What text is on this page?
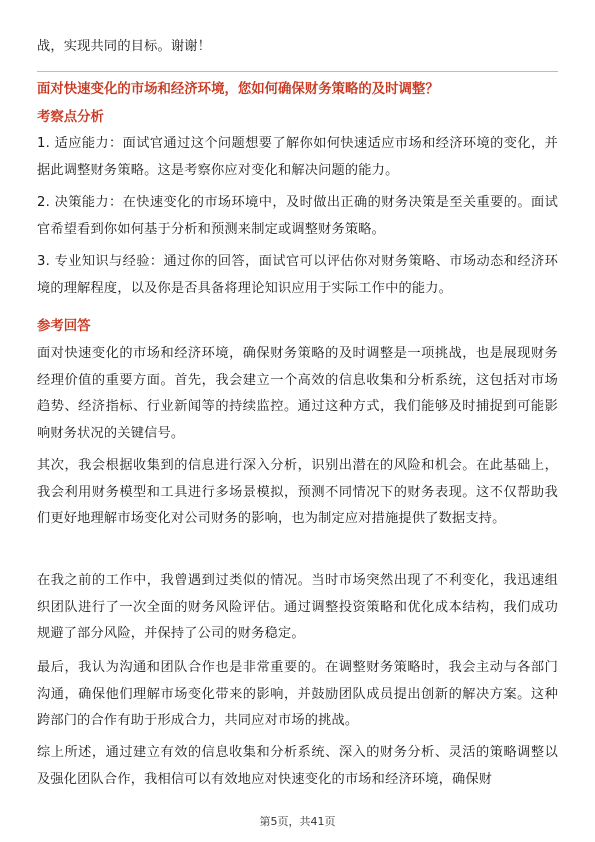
战，实现共同的目标。谢谢！

面对快速变化的市场和经济环境，您如何确保财务策略的及时调整？

考察点分析

1. 适应能力：面试官通过这个问题想要了解你如何快速适应市场和经济环境的变化，并据此调整财务策略。这是考察你应对变化和解决问题的能力。

2. 决策能力：在快速变化的市场环境中，及时做出正确的财务决策是至关重要的。面试官希望看到你如何基于分析和预测来制定或调整财务策略。

3. 专业知识与经验：通过你的回答，面试官可以评估你对财务策略、市场动态和经济环境的理解程度，以及你是否具备将理论知识应用于实际工作中的能力。

参考回答

面对快速变化的市场和经济环境，确保财务策略的及时调整是一项挑战，也是展现财务经理价值的重要方面。首先，我会建立一个高效的信息收集和分析系统，这包括对市场趋势、经济指标、行业新闻等的持续监控。通过这种方式，我们能够及时捕捉到可能影响财务状况的关键信号。

其次，我会根据收集到的信息进行深入分析，识别出潜在的风险和机会。在此基础上，我会利用财务模型和工具进行多场景模拟，预测不同情况下的财务表现。这不仅帮助我们更好地理解市场变化对公司财务的影响，也为制定应对措施提供了数据支持。

在我之前的工作中，我曾遇到过类似的情况。当时市场突然出现了不利变化，我迅速组织团队进行了一次全面的财务风险评估。通过调整投资策略和优化成本结构，我们成功规避了部分风险，并保持了公司的财务稳定。

最后，我认为沟通和团队合作也是非常重要的。在调整财务策略时，我会主动与各部门沟通，确保他们理解市场变化带来的影响，并鼓励团队成员提出创新的解决方案。这种跨部门的合作有助于形成合力，共同应对市场的挑战。

综上所述，通过建立有效的信息收集和分析系统、深入的财务分析、灵活的策略调整以及强化团队合作，我相信可以有效地应对快速变化的市场和经济环境，确保财

第5页，共41页
